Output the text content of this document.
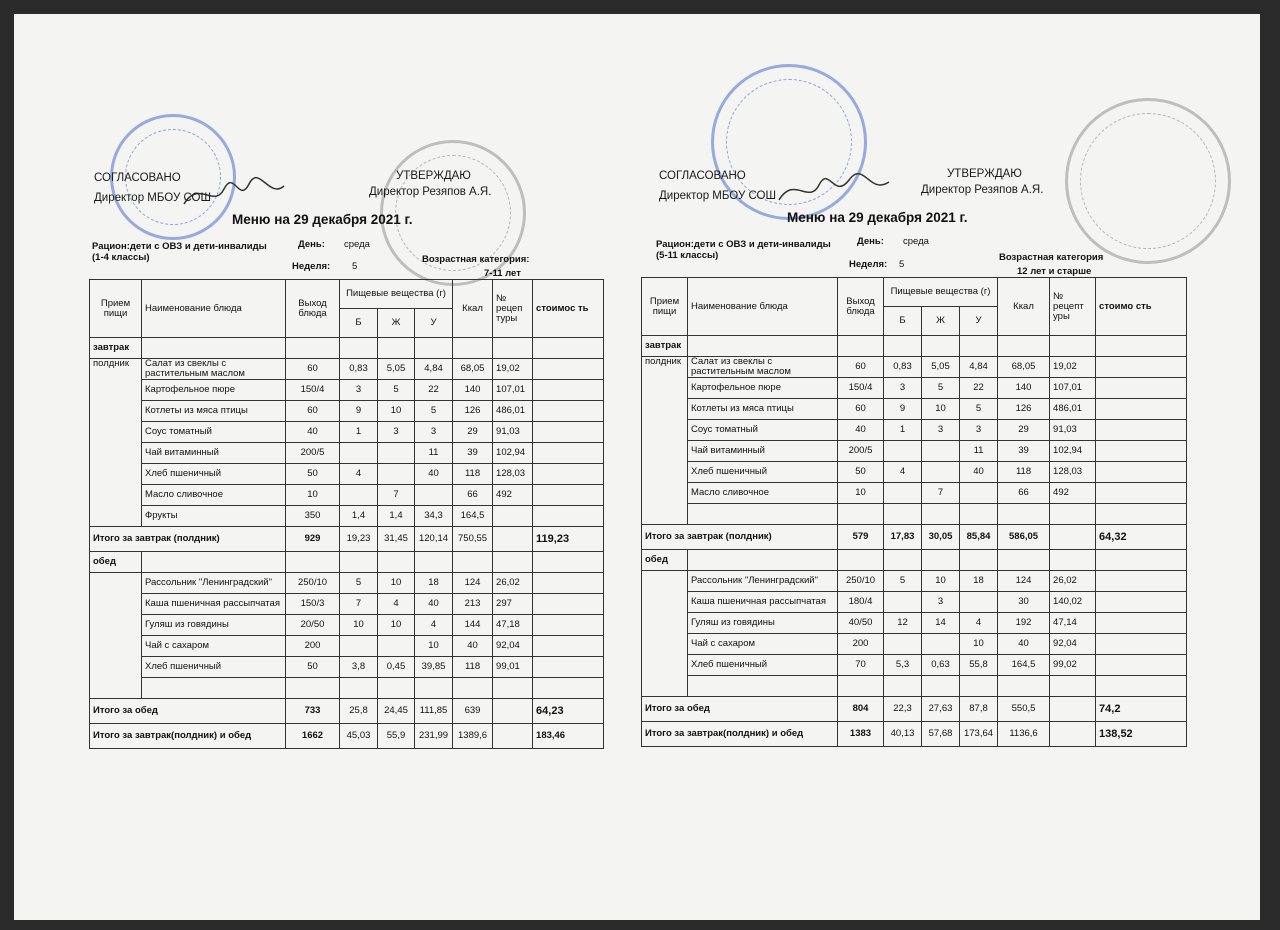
СОГЛАСОВАНО
Директор МБОУ СОШ
УТВЕРЖДАЮ
Директор Резяпов А.Я.
Меню на 29 декабря 2021 г.
Рацион:дети с ОВЗ и дети-инвалиды (1-4 классы)
День: среда
Неделя: 5
Возрастная категория:
7-11 лет
Прием пищи	Наименование блюда	Выход блюда	Пищевые вещества (г)			Ккал	№ рецеп туры	стоимос ть
			Б	Ж	У			
завтрак								
полдник	Салат из свеклы с растительным маслом	60	0,83	5,05	4,84	68,05	19,02	
	Картофельное пюре	150/4	3	5	22	140	107,01	
	Котлеты из мяса птицы	60	9	10	5	126	486,01	
	Соус томатный	40	1	3	3	29	91,03	
	Чай витаминный	200/5			11	39	102,94	
	Хлеб пшеничный	50	4		40	118	128,03	
	Масло сливочное	10		7		66	492	
	Фрукты	350	1,4	1,4	34,3	164,5		
Итого за завтрак (полдник)		929	19,23	31,45	120,14	750,55		119,23
обед								
	Рассольник "Ленинградский"	250/10	5	10	18	124	26,02	
	Каша пшеничная рассыпчатая	150/3	7	4	40	213	297	
	Гуляш из говядины	20/50	10	10	4	144	47,18	
	Чай с сахаром	200			10	40	92,04	
	Хлеб пшеничный	50	3,8	0,45	39,85	118	99,01	

Итого за обед		733	25,8	24,45	111,85	639		64,23
Итого за завтрак(полдник) и обед		1662	45,03	55,9	231,99	1389,6		183,46
СОГЛАСОВАНО
Директор МБОУ СОШ
УТВЕРЖДАЮ
Директор Резяпов А.Я.
Меню на 29 декабря 2021 г.
Рацион:дети с ОВЗ и дети-инвалиды (5-11 классы)
День: среда
Неделя: 5
Возрастная категория
12 лет и старше
Прием пищи	Наименование блюда	Выход блюда	Пищевые вещества (г)			Ккал	№ рецепт уры	стоимо сть
			Б	Ж	У			
завтрак								
полдник	Салат из свеклы с растительным маслом	60	0,83	5,05	4,84	68,05	19,02	
	Картофельное пюре	150/4	3	5	22	140	107,01	
	Котлеты из мяса птицы	60	9	10	5	126	486,01	
	Соус томатный	40	1	3	3	29	91,03	
	Чай витаминный	200/5			11	39	102,94	
	Хлеб пшеничный	50	4		40	118	128,03	
	Масло сливочное	10		7		66	492	

Итого за завтрак (полдник)		579	17,83	30,05	85,84	586,05		64,32
обед								
	Рассольник "Ленинградский"	250/10	5	10	18	124	26,02	
	Каша пшеничная рассыпчатая	180/4		3		30	140,02	
	Гуляш из говядины	40/50	12	14	4	192	47,14	
	Чай с сахаром	200			10	40	92,04	
	Хлеб пшеничный	70	5,3	0,63	55,8	164,5	99,02	

Итого за обед		804	22,3	27,63	87,8	550,5		74,2
Итого за завтрак(полдник) и обед		1383	40,13	57,68	173,64	1136,6		138,52
